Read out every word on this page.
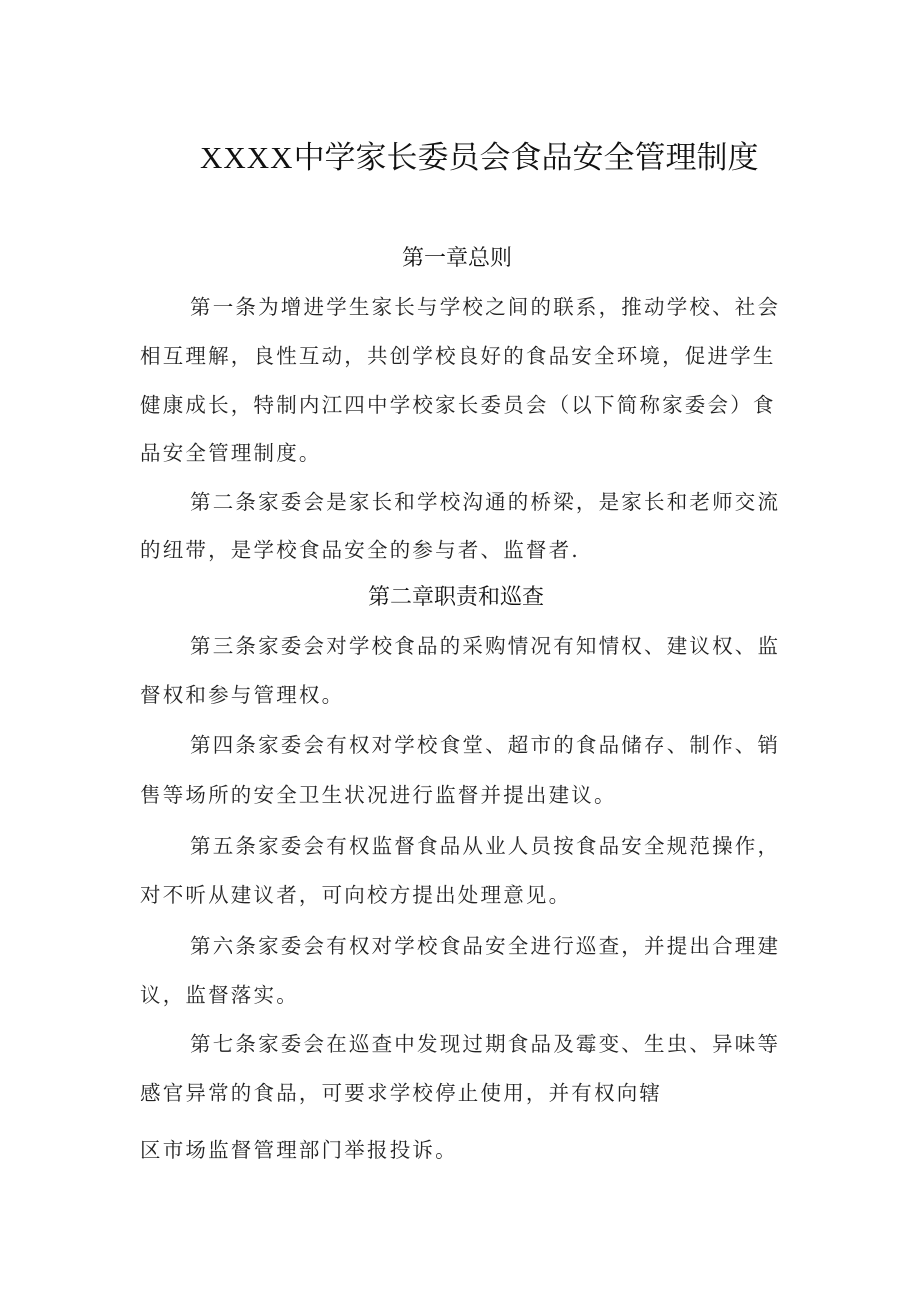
XXXX中学家长委员会食品安全管理制度
第一章总则
第一条为增进学生家长与学校之间的联系，推动学校、社会
相互理解，良性互动，共创学校良好的食品安全环境，促进学生
健康成长，特制内江四中学校家长委员会（以下简称家委会）食
品安全管理制度。
第二条家委会是家长和学校沟通的桥梁，是家长和老师交流
的纽带，是学校食品安全的参与者、监督者.
第二章职责和巡查
第三条家委会对学校食品的采购情况有知情权、建议权、监
督权和参与管理权。
第四条家委会有权对学校食堂、超市的食品储存、制作、销
售等场所的安全卫生状况进行监督并提出建议。
第五条家委会有权监督食品从业人员按食品安全规范操作，
对不听从建议者，可向校方提出处理意见。
第六条家委会有权对学校食品安全进行巡查，并提出合理建
议，监督落实。
第七条家委会在巡查中发现过期食品及霉变、生虫、异味等
感官异常的食品，可要求学校停止使用，并有权向辖
区市场监督管理部门举报投诉。
